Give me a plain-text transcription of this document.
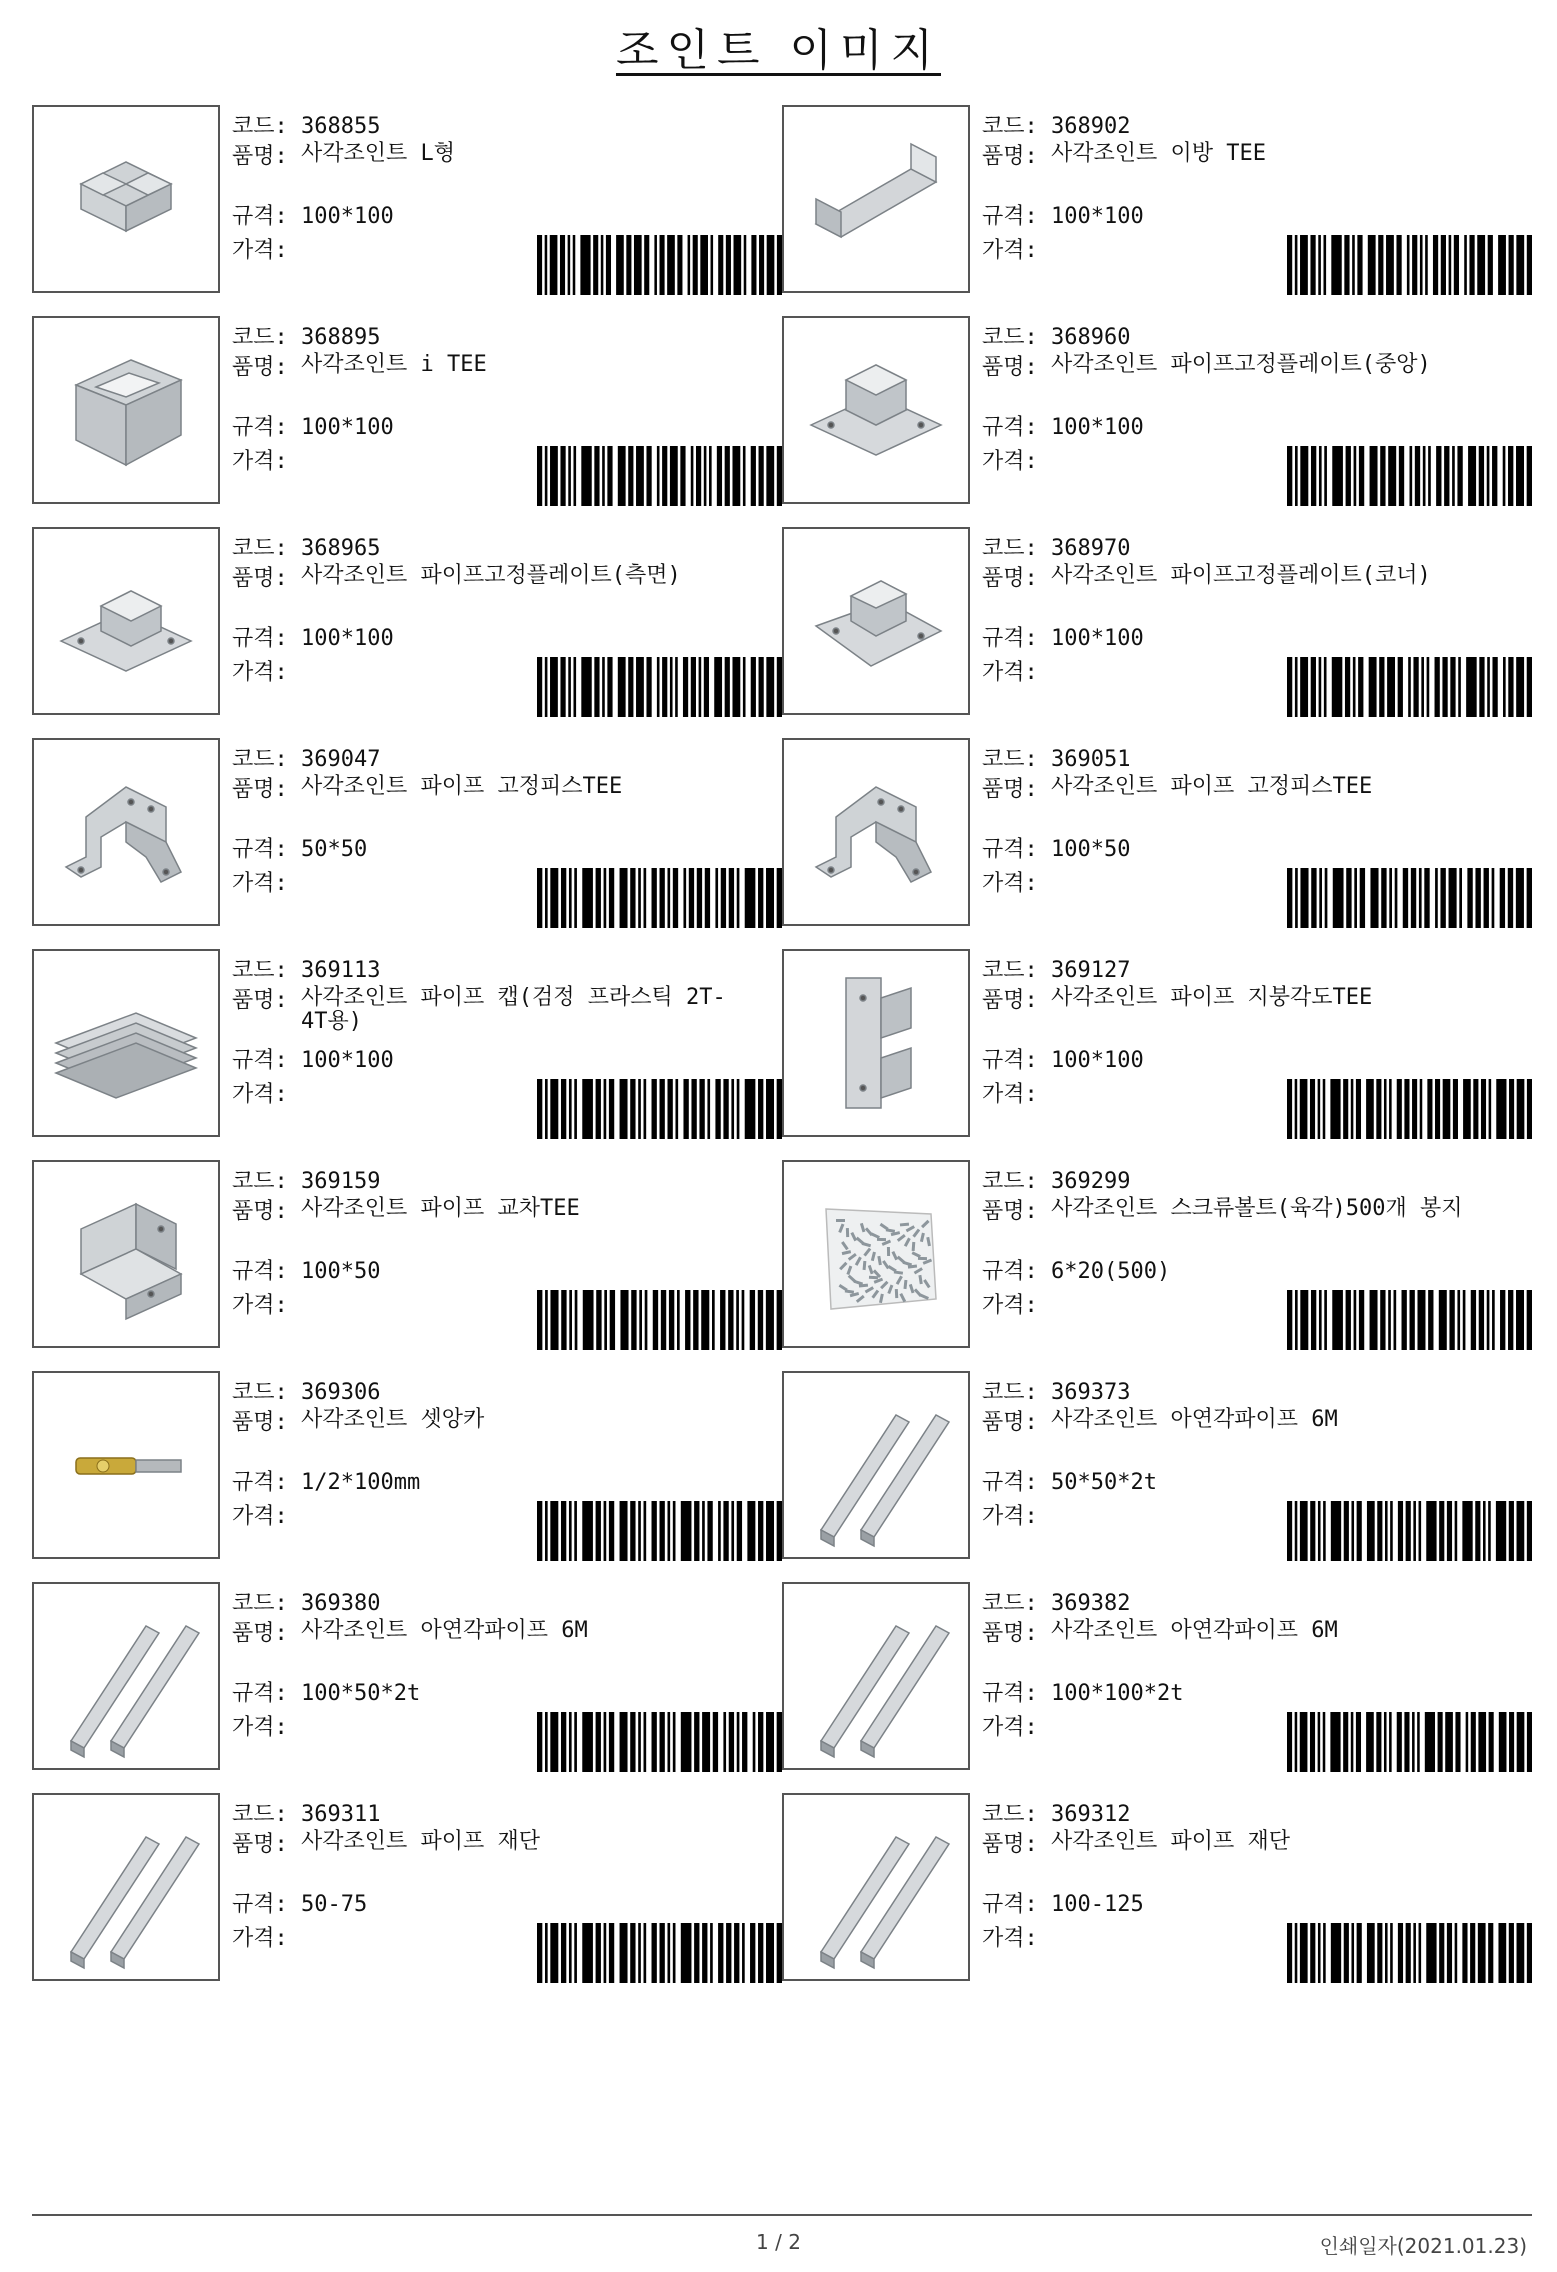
조인트 이미지
코드: 368855
품명:
사각조인트 L형
규격: 100*100
가격:
코드: 368902
품명:
사각조인트 이방 TEE
규격: 100*100
가격:
코드: 368895
품명:
사각조인트 i TEE
규격: 100*100
가격:
코드: 368960
품명:
사각조인트 파이프고정플레이트(중앙)
규격: 100*100
가격:
코드: 368965
품명:
사각조인트 파이프고정플레이트(측면)
규격: 100*100
가격:
코드: 368970
품명:
사각조인트 파이프고정플레이트(코너)
규격: 100*100
가격:
코드: 369047
품명:
사각조인트 파이프 고정피스TEE
규격: 50*50
가격:
코드: 369051
품명:
사각조인트 파이프 고정피스TEE
규격: 100*50
가격:
코드: 369113
품명:
사각조인트 파이프 캡(검정 프라스틱 2T-4T용)
규격: 100*100
가격:
코드: 369127
품명:
사각조인트 파이프 지붕각도TEE
규격: 100*100
가격:
코드: 369159
품명:
사각조인트 파이프 교차TEE
규격: 100*50
가격:
코드: 369299
품명:
사각조인트 스크류볼트(육각)500개 봉지
규격: 6*20(500)
가격:
코드: 369306
품명:
사각조인트 셋앙카
규격: 1/2*100mm
가격:
코드: 369373
품명:
사각조인트 아연각파이프 6M
규격: 50*50*2t
가격:
코드: 369380
품명:
사각조인트 아연각파이프 6M
규격: 100*50*2t
가격:
코드: 369382
품명:
사각조인트 아연각파이프 6M
규격: 100*100*2t
가격:
코드: 369311
품명:
사각조인트 파이프 재단
규격: 50-75
가격:
코드: 369312
품명:
사각조인트 파이프 재단
규격: 100-125
가격:
1 / 2	인쇄일자(2021.01.23)
